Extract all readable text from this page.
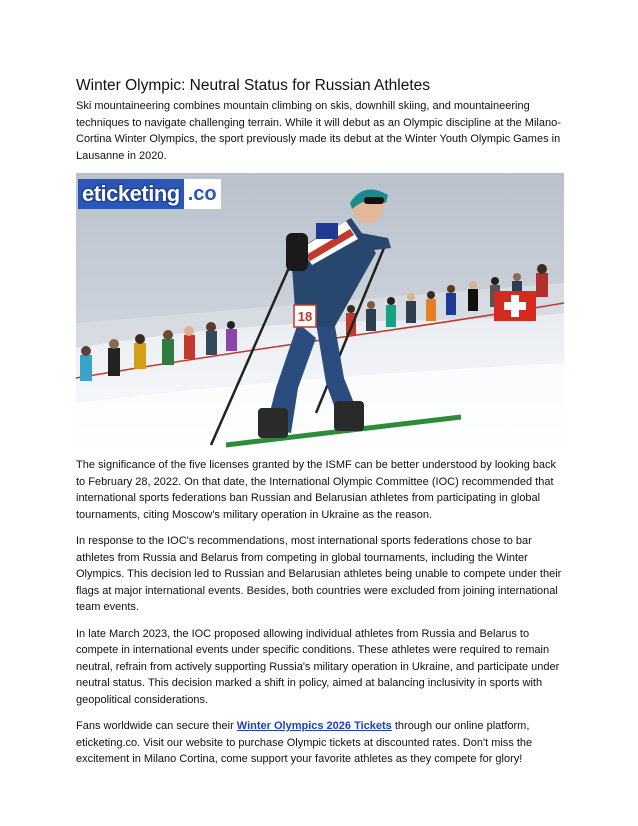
Winter Olympic: Neutral Status for Russian Athletes

Ski mountaineering combines mountain climbing on skis, downhill skiing, and mountaineering techniques to navigate challenging terrain. While it will debut as an Olympic discipline at the Milano-Cortina Winter Olympics, the sport previously made its debut at the Winter Youth Olympic Games in Lausanne in 2020.

18
eticketing .co

The significance of the five licenses granted by the ISMF can be better understood by looking back to February 28, 2022. On that date, the International Olympic Committee (IOC) recommended that international sports federations ban Russian and Belarusian athletes from participating in global tournaments, citing Moscow's military operation in Ukraine as the reason.

In response to the IOC's recommendations, most international sports federations chose to bar athletes from Russia and Belarus from competing in global tournaments, including the Winter Olympics. This decision led to Russian and Belarusian athletes being unable to compete under their flags at major international events. Besides, both countries were excluded from joining international team events.

In late March 2023, the IOC proposed allowing individual athletes from Russia and Belarus to compete in international events under specific conditions. These athletes were required to remain neutral, refrain from actively supporting Russia's military operation in Ukraine, and participate under neutral status. This decision marked a shift in policy, aimed at balancing inclusivity in sports with geopolitical considerations.

Fans worldwide can secure their Winter Olympics 2026 Tickets through our online platform, eticketing.co. Visit our website to purchase Olympic tickets at discounted rates. Don't miss the excitement in Milano Cortina, come support your favorite athletes as they compete for glory!
